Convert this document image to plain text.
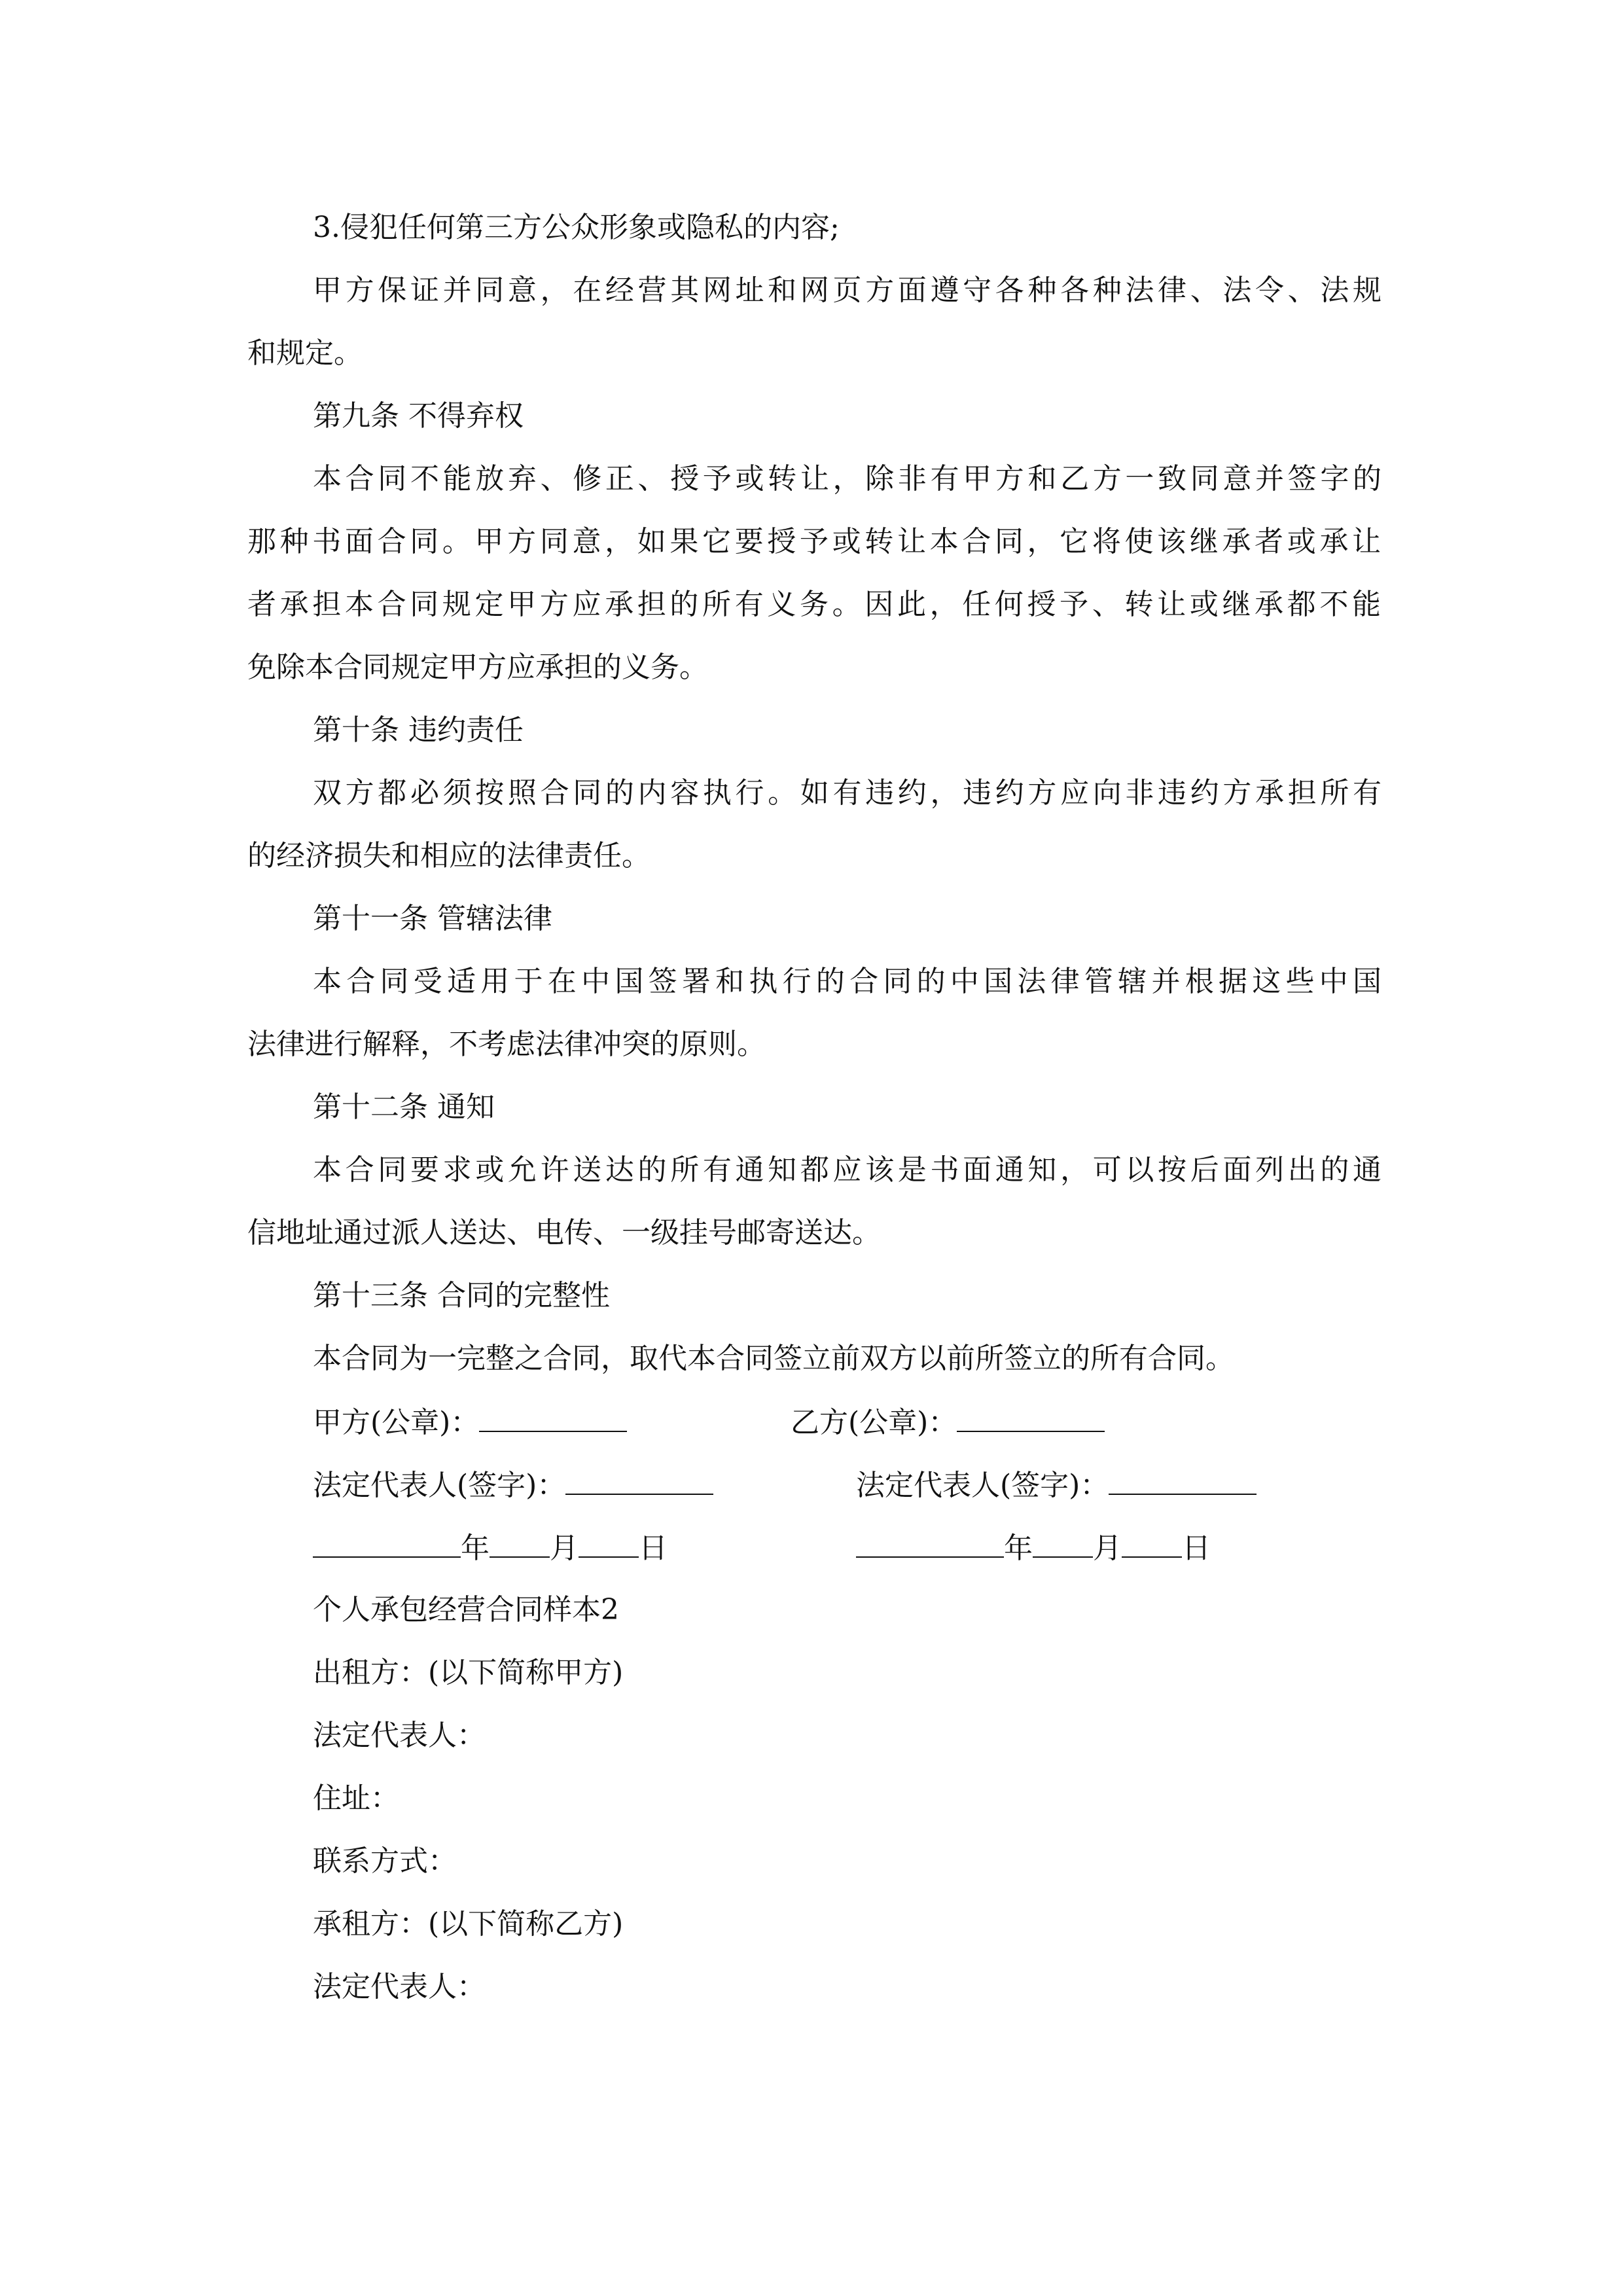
3.侵犯任何第三方公众形象或隐私的内容;
甲方保证并同意，在经营其网址和网页方面遵守各种各种法律、法令、法规
和规定。
第九条 不得弃权
本合同不能放弃、修正、授予或转让，除非有甲方和乙方一致同意并签字的
那种书面合同。甲方同意，如果它要授予或转让本合同，它将使该继承者或承让
者承担本合同规定甲方应承担的所有义务。因此，任何授予、转让或继承都不能
免除本合同规定甲方应承担的义务。
第十条 违约责任
双方都必须按照合同的内容执行。如有违约，违约方应向非违约方承担所有
的经济损失和相应的法律责任。
第十一条 管辖法律
本合同受适用于在中国签署和执行的合同的中国法律管辖并根据这些中国
法律进行解释，不考虑法律冲突的原则。
第十二条 通知
本合同要求或允许送达的所有通知都应该是书面通知，可以按后面列出的通
信地址通过派人送达、电传、一级挂号邮寄送达。
第十三条 合同的完整性
本合同为一完整之合同，取代本合同签立前双方以前所签立的所有合同。
甲方(公章)：	乙方(公章)：
法定代表人(签字)：	法定代表人(签字)：
年 月 日	年 月 日
个人承包经营合同样本2
出租方：(以下简称甲方)
法定代表人：
住址：
联系方式：
承租方：(以下简称乙方)
法定代表人：
